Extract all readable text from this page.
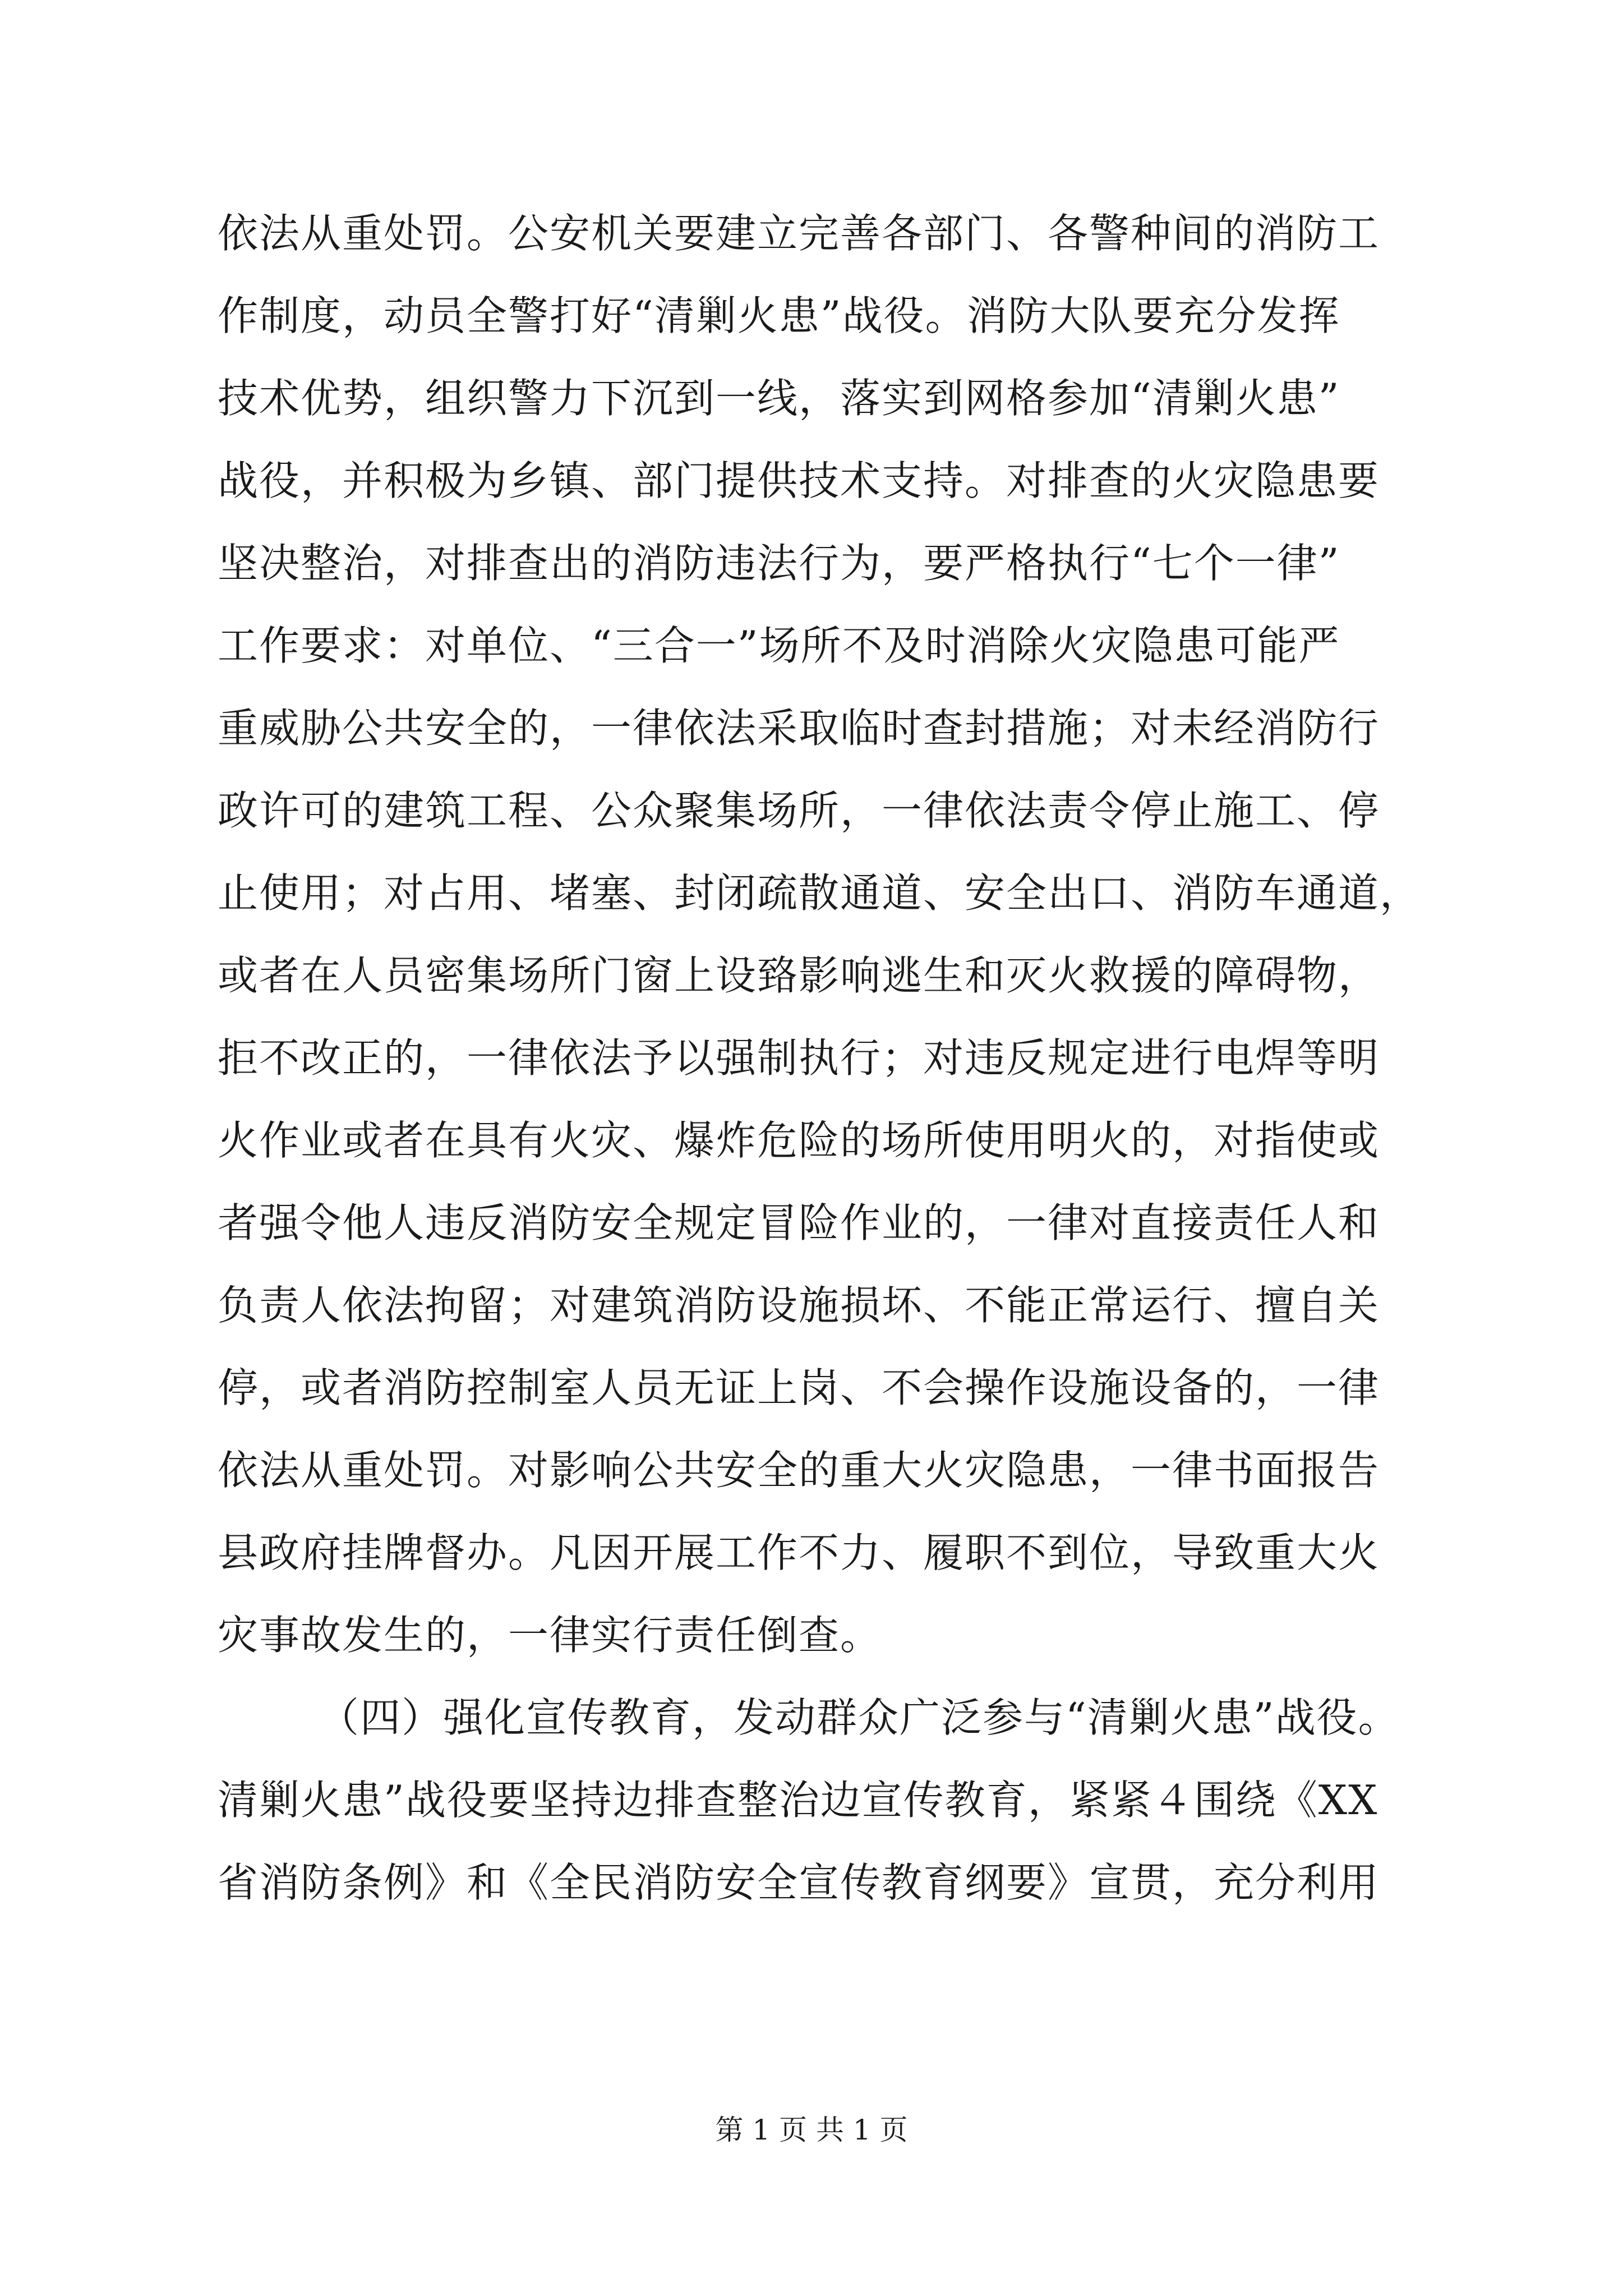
依法从重处罚。公安机关要建立完善各部门、各警种间的消防工
作制度，动员全警打好“清剿火患”战役。消防大队要充分发挥
技术优势，组织警力下沉到一线，落实到网格参加“清剿火患”
战役，并积极为乡镇、部门提供技术支持。对排查的火灾隐患要
坚决整治，对排查出的消防违法行为，要严格执行“七个一律”
工作要求：对单位、“三合一”场所不及时消除火灾隐患可能严
重威胁公共安全的，一律依法采取临时查封措施；对未经消防行
政许可的建筑工程、公众聚集场所，一律依法责令停止施工、停
止使用；对占用、堵塞、封闭疏散通道、安全出口、消防车通道，
或者在人员密集场所门窗上设臵影响逃生和灭火救援的障碍物，
拒不改正的，一律依法予以强制执行；对违反规定进行电焊等明
火作业或者在具有火灾、爆炸危险的场所使用明火的，对指使或
者强令他人违反消防安全规定冒险作业的，一律对直接责任人和
负责人依法拘留；对建筑消防设施损坏、不能正常运行、擅自关
停，或者消防控制室人员无证上岗、不会操作设施设备的，一律
依法从重处罚。对影响公共安全的重大火灾隐患，一律书面报告
县政府挂牌督办。凡因开展工作不力、履职不到位，导致重大火
灾事故发生的，一律实行责任倒查。
（四）强化宣传教育，发动群众广泛参与“清剿火患”战役。
清剿火患”战役要坚持边排查整治边宣传教育，紧紧４围绕《XX
省消防条例》和《全民消防安全宣传教育纲要》宣贯，充分利用
第 1 页 共 1 页
